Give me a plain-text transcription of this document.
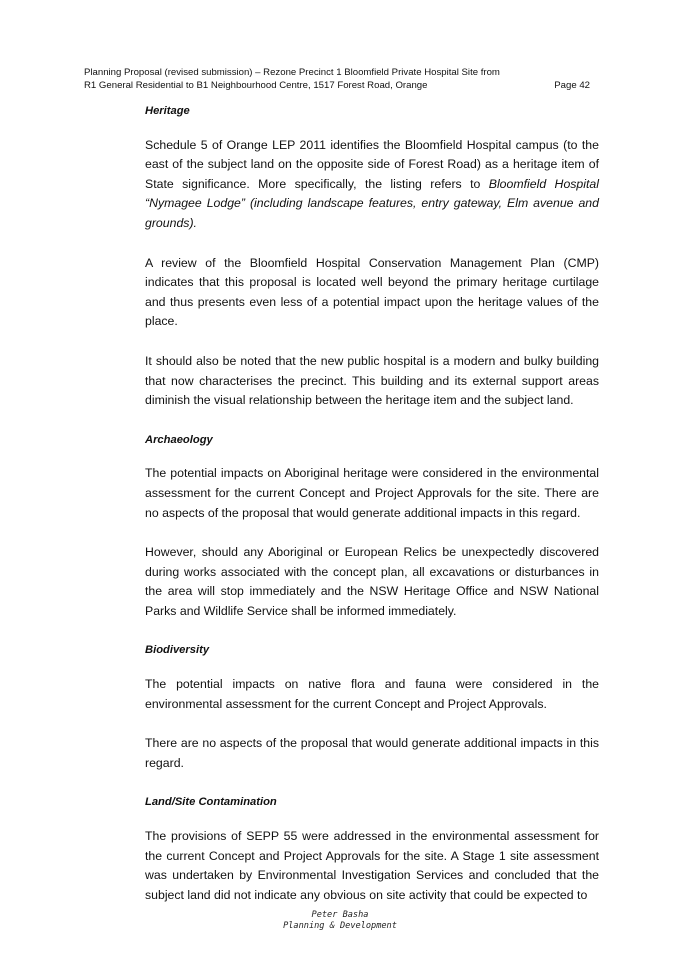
Planning Proposal (revised submission) – Rezone Precinct 1 Bloomfield Private Hospital Site from
R1 General Residential to B1 Neighbourhood Centre, 1517 Forest Road, Orange	Page 42
Heritage

Schedule 5 of Orange LEP 2011 identifies the Bloomfield Hospital campus (to the east of the subject land on the opposite side of Forest Road) as a heritage item of State significance. More specifically, the listing refers to Bloomfield Hospital “Nymagee Lodge” (including landscape features, entry gateway, Elm avenue and grounds).

A review of the Bloomfield Hospital Conservation Management Plan (CMP) indicates that this proposal is located well beyond the primary heritage curtilage and thus presents even less of a potential impact upon the heritage values of the place.

It should also be noted that the new public hospital is a modern and bulky building that now characterises the precinct. This building and its external support areas diminish the visual relationship between the heritage item and the subject land.

Archaeology

The potential impacts on Aboriginal heritage were considered in the environmental assessment for the current Concept and Project Approvals for the site. There are no aspects of the proposal that would generate additional impacts in this regard.

However, should any Aboriginal or European Relics be unexpectedly discovered during works associated with the concept plan, all excavations or disturbances in the area will stop immediately and the NSW Heritage Office and NSW National Parks and Wildlife Service shall be informed immediately.

Biodiversity

The potential impacts on native flora and fauna were considered in the environmental assessment for the current Concept and Project Approvals.

There are no aspects of the proposal that would generate additional impacts in this regard.

Land/Site Contamination

The provisions of SEPP 55 were addressed in the environmental assessment for the current Concept and Project Approvals for the site. A Stage 1 site assessment was undertaken by Environmental Investigation Services and concluded that the subject land did not indicate any obvious on site activity that could be expected to

Peter Basha
Planning & Development
